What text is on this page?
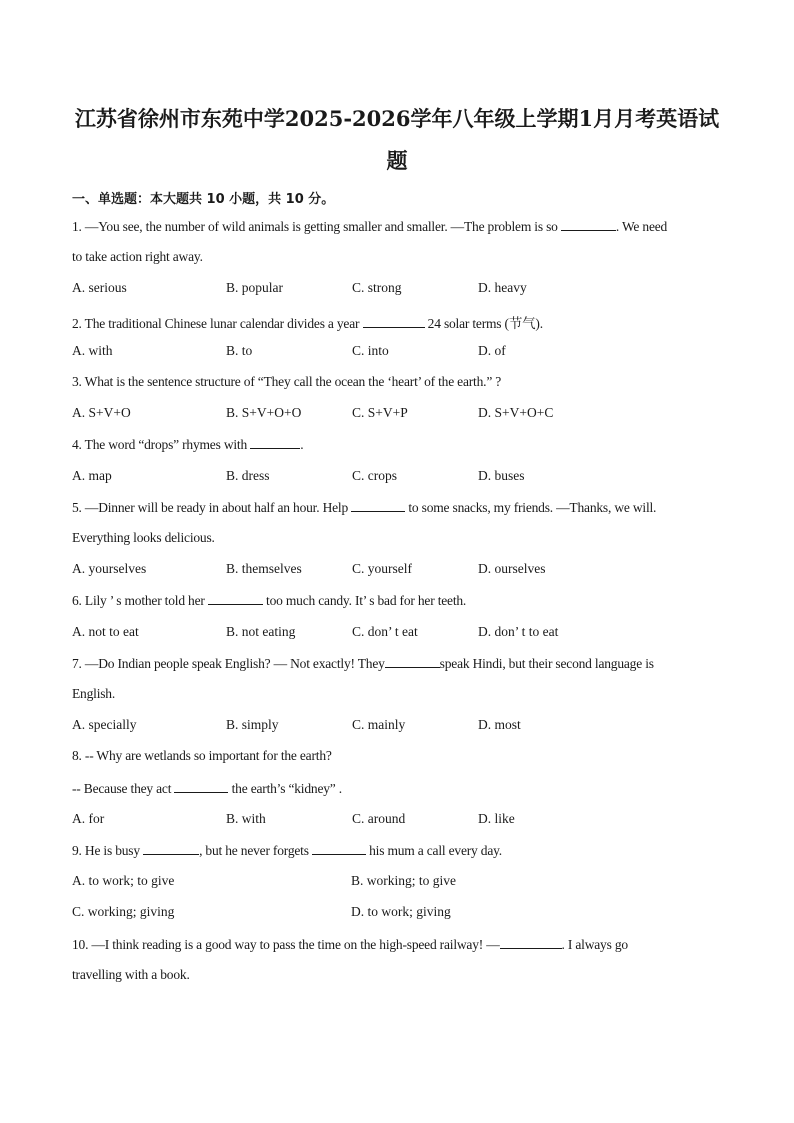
江苏省徐州市东苑中学2025-2026学年八年级上学期1月月考英语试
题
一、单选题：本大题共 10 小题，共 10 分。
1. —You see, the number of wild animals is getting smaller and smaller. —The problem is so	. We need
to take action right away.
A. serious	B. popular	C. strong	D. heavy
2. The traditional Chinese lunar calendar divides a year	24 solar terms (节气).
A. with	B. to	C. into	D. of
3. What is the sentence structure of “They call the ocean the ‘heart’ of the earth.” ?
A. S+V+O	B. S+V+O+O	C. S+V+P	D. S+V+O+C
4. The word “drops” rhymes with	.
A. map	B. dress	C. crops	D. buses
5. —Dinner will be ready in about half an hour. Help	to some snacks, my friends. —Thanks, we will.
Everything looks delicious.
A. yourselves	B. themselves	C. yourself	D. ourselves
6. Lily ’ s mother told her	too much candy. It’ s bad for her teeth.
A. not to eat	B. not eating	C. don’ t eat	D. don’ t to eat
7. —Do Indian people speak English? — Not exactly! They	speak Hindi, but their second language is
English.
A. specially	B. simply	C. mainly	D. most
8. -- Why are wetlands so important for the earth?
-- Because they act	the earth’s “kidney” .
A. for	B. with	C. around	D. like
9. He is busy	, but he never forgets	his mum a call every day.
A. to work; to give	B. working; to give
C. working; giving	D. to work; giving
10. —I think reading is a good way to pass the time on the high-speed railway! —	. I always go
travelling with a book.
